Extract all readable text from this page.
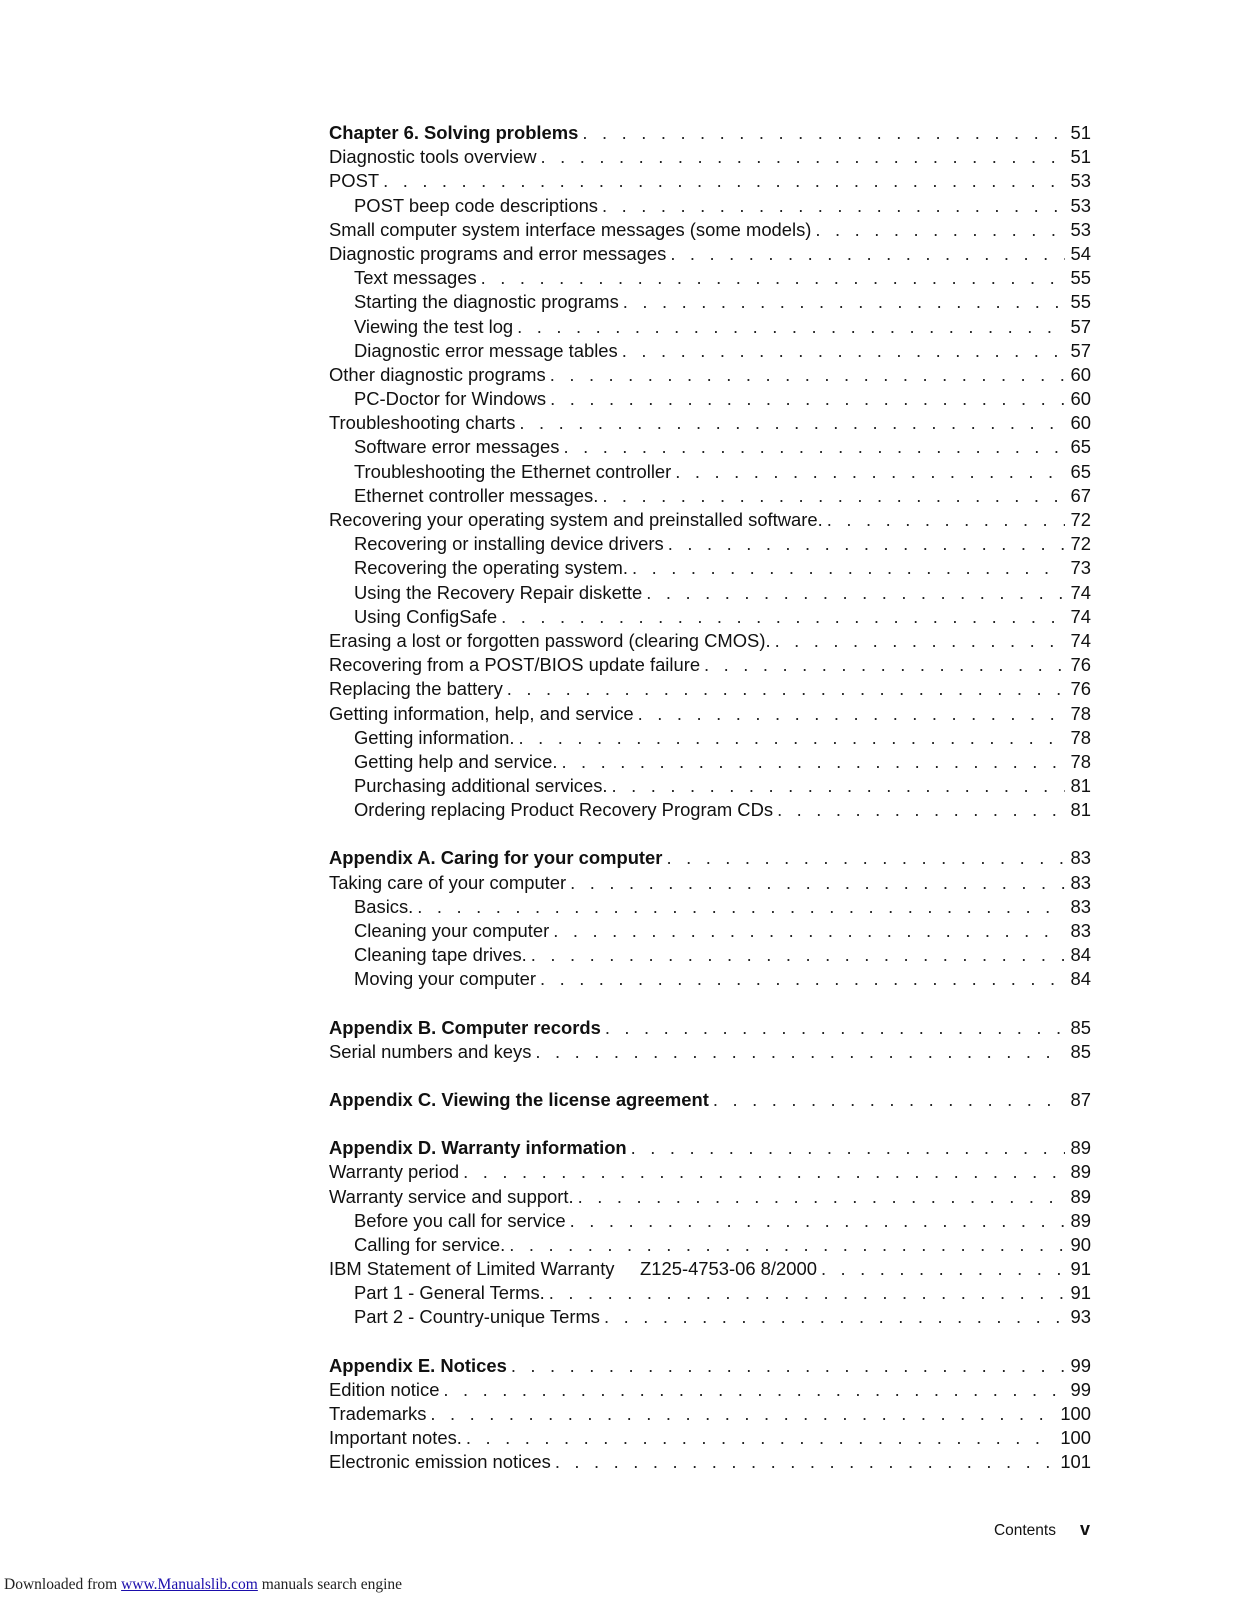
Chapter 6. Solving problems . . .	51
Diagnostic tools overview . . .	51
POST . . .	53
POST beep code descriptions . . .	53
Small computer system interface messages (some models) . . .	53
Diagnostic programs and error messages . . .	54
Text messages . . .	55
Starting the diagnostic programs . . .	55
Viewing the test log . . .	57
Diagnostic error message tables . . .	57
Other diagnostic programs . . .	60
PC-Doctor for Windows . . .	60
Troubleshooting charts . . .	60
Software error messages . . .	65
Troubleshooting the Ethernet controller . . .	65
Ethernet controller messages. . . .	67
Recovering your operating system and preinstalled software. . . .	72
Recovering or installing device drivers . . .	72
Recovering the operating system. . . .	73
Using the Recovery Repair diskette . . .	74
Using ConfigSafe . . .	74
Erasing a lost or forgotten password (clearing CMOS). . . .	74
Recovering from a POST/BIOS update failure . . .	76
Replacing the battery . . .	76
Getting information, help, and service . . .	78
Getting information. . . .	78
Getting help and service. . . .	78
Purchasing additional services. . . .	81
Ordering replacing Product Recovery Program CDs . . .	81
Appendix A. Caring for your computer . . .	83
Taking care of your computer . . .	83
Basics. . . .	83
Cleaning your computer . . .	83
Cleaning tape drives. . . .	84
Moving your computer . . .	84
Appendix B. Computer records . . .	85
Serial numbers and keys . . .	85
Appendix C. Viewing the license agreement . . .	87
Appendix D. Warranty information . . .	89
Warranty period . . .	89
Warranty service and support. . . .	89
Before you call for service . . .	89
Calling for service. . . .	90
IBM Statement of Limited Warranty     Z125-4753-06 8/2000 . . .	91
Part 1 - General Terms. . . .	91
Part 2 - Country-unique Terms . . .	93
Appendix E. Notices . . .	99
Edition notice . . .	99
Trademarks . . .	100
Important notes. . . .	100
Electronic emission notices . . .	101
Contents v
Downloaded from www.Manualslib.com manuals search engine
